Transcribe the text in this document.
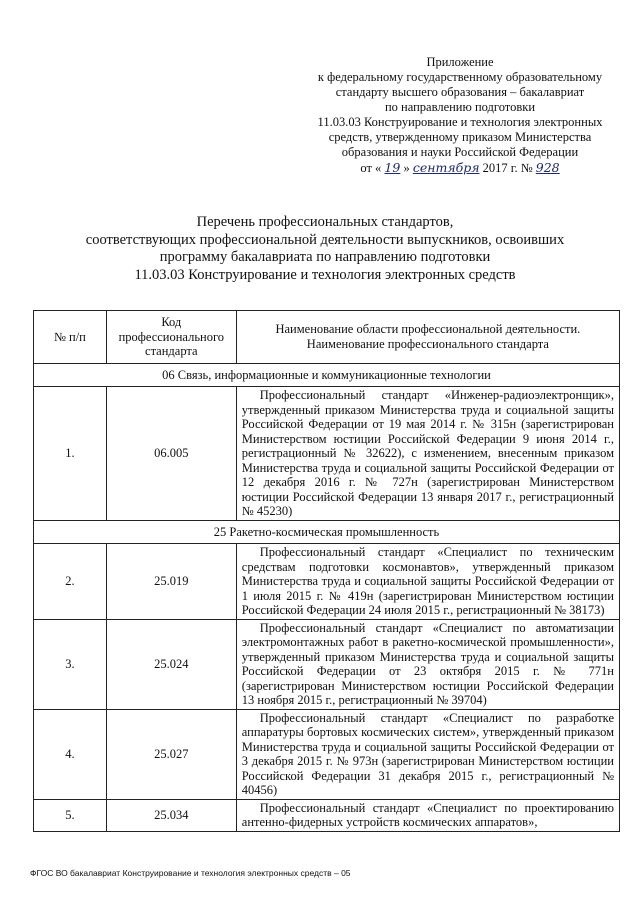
Приложение
к федеральному государственному образовательному
стандарту высшего образования – бакалавриат
по направлению подготовки
11.03.03 Конструирование и технология электронных
средств, утвержденному приказом Министерства
образования и науки Российской Федерации
от « 19 » сентября 2017 г. № 928
Перечень профессиональных стандартов,
соответствующих профессиональной деятельности выпускников, освоивших
программу бакалавриата по направлению подготовки
11.03.03 Конструирование и технология электронных средств
№ п/п	Код профессионального стандарта	Наименование области профессиональной деятельности.
Наименование профессионального стандарта

06 Связь, информационные и коммуникационные технологии		
1.	06.005	Профессиональный стандарт «Инженер-радиоэлектронщик», утвержденный приказом Министерства труда и социальной защиты Российской Федерации от 19 мая 2014 г. № 315н (зарегистрирован Министерством юстиции Российской Федерации 9 июня 2014 г., регистрационный № 32622), с изменением, внесенным приказом Министерства труда и социальной защиты Российской Федерации от 12 декабря 2016 г. № 727н (зарегистрирован Министерством юстиции Российской Федерации 13 января 2017 г., регистрационный № 45230)
25 Ракетно-космическая промышленность		
2.	25.019	Профессиональный стандарт «Специалист по техническим средствам подготовки космонавтов», утвержденный приказом Министерства труда и социальной защиты Российской Федерации от 1 июля 2015 г. № 419н (зарегистрирован Министерством юстиции Российской Федерации 24 июля 2015 г., регистрационный № 38173)
3.	25.024	Профессиональный стандарт «Специалист по автоматизации электромонтажных работ в ракетно-космической промышленности», утвержденный приказом Министерства труда и социальной защиты Российской Федерации от 23 октября 2015 г. № 771н (зарегистрирован Министерством юстиции Российской Федерации 13 ноября 2015 г., регистрационный № 39704)
4.	25.027	Профессиональный стандарт «Специалист по разработке аппаратуры бортовых космических систем», утвержденный приказом Министерства труда и социальной защиты Российской Федерации от 3 декабря 2015 г. № 973н (зарегистрирован Министерством юстиции Российской Федерации 31 декабря 2015 г., регистрационный № 40456)
5.	25.034	Профессиональный стандарт «Специалист по проектированию антенно-фидерных устройств космических аппаратов»,
ФГОС ВО бакалавриат Конструирование и технология электронных средств – 05
